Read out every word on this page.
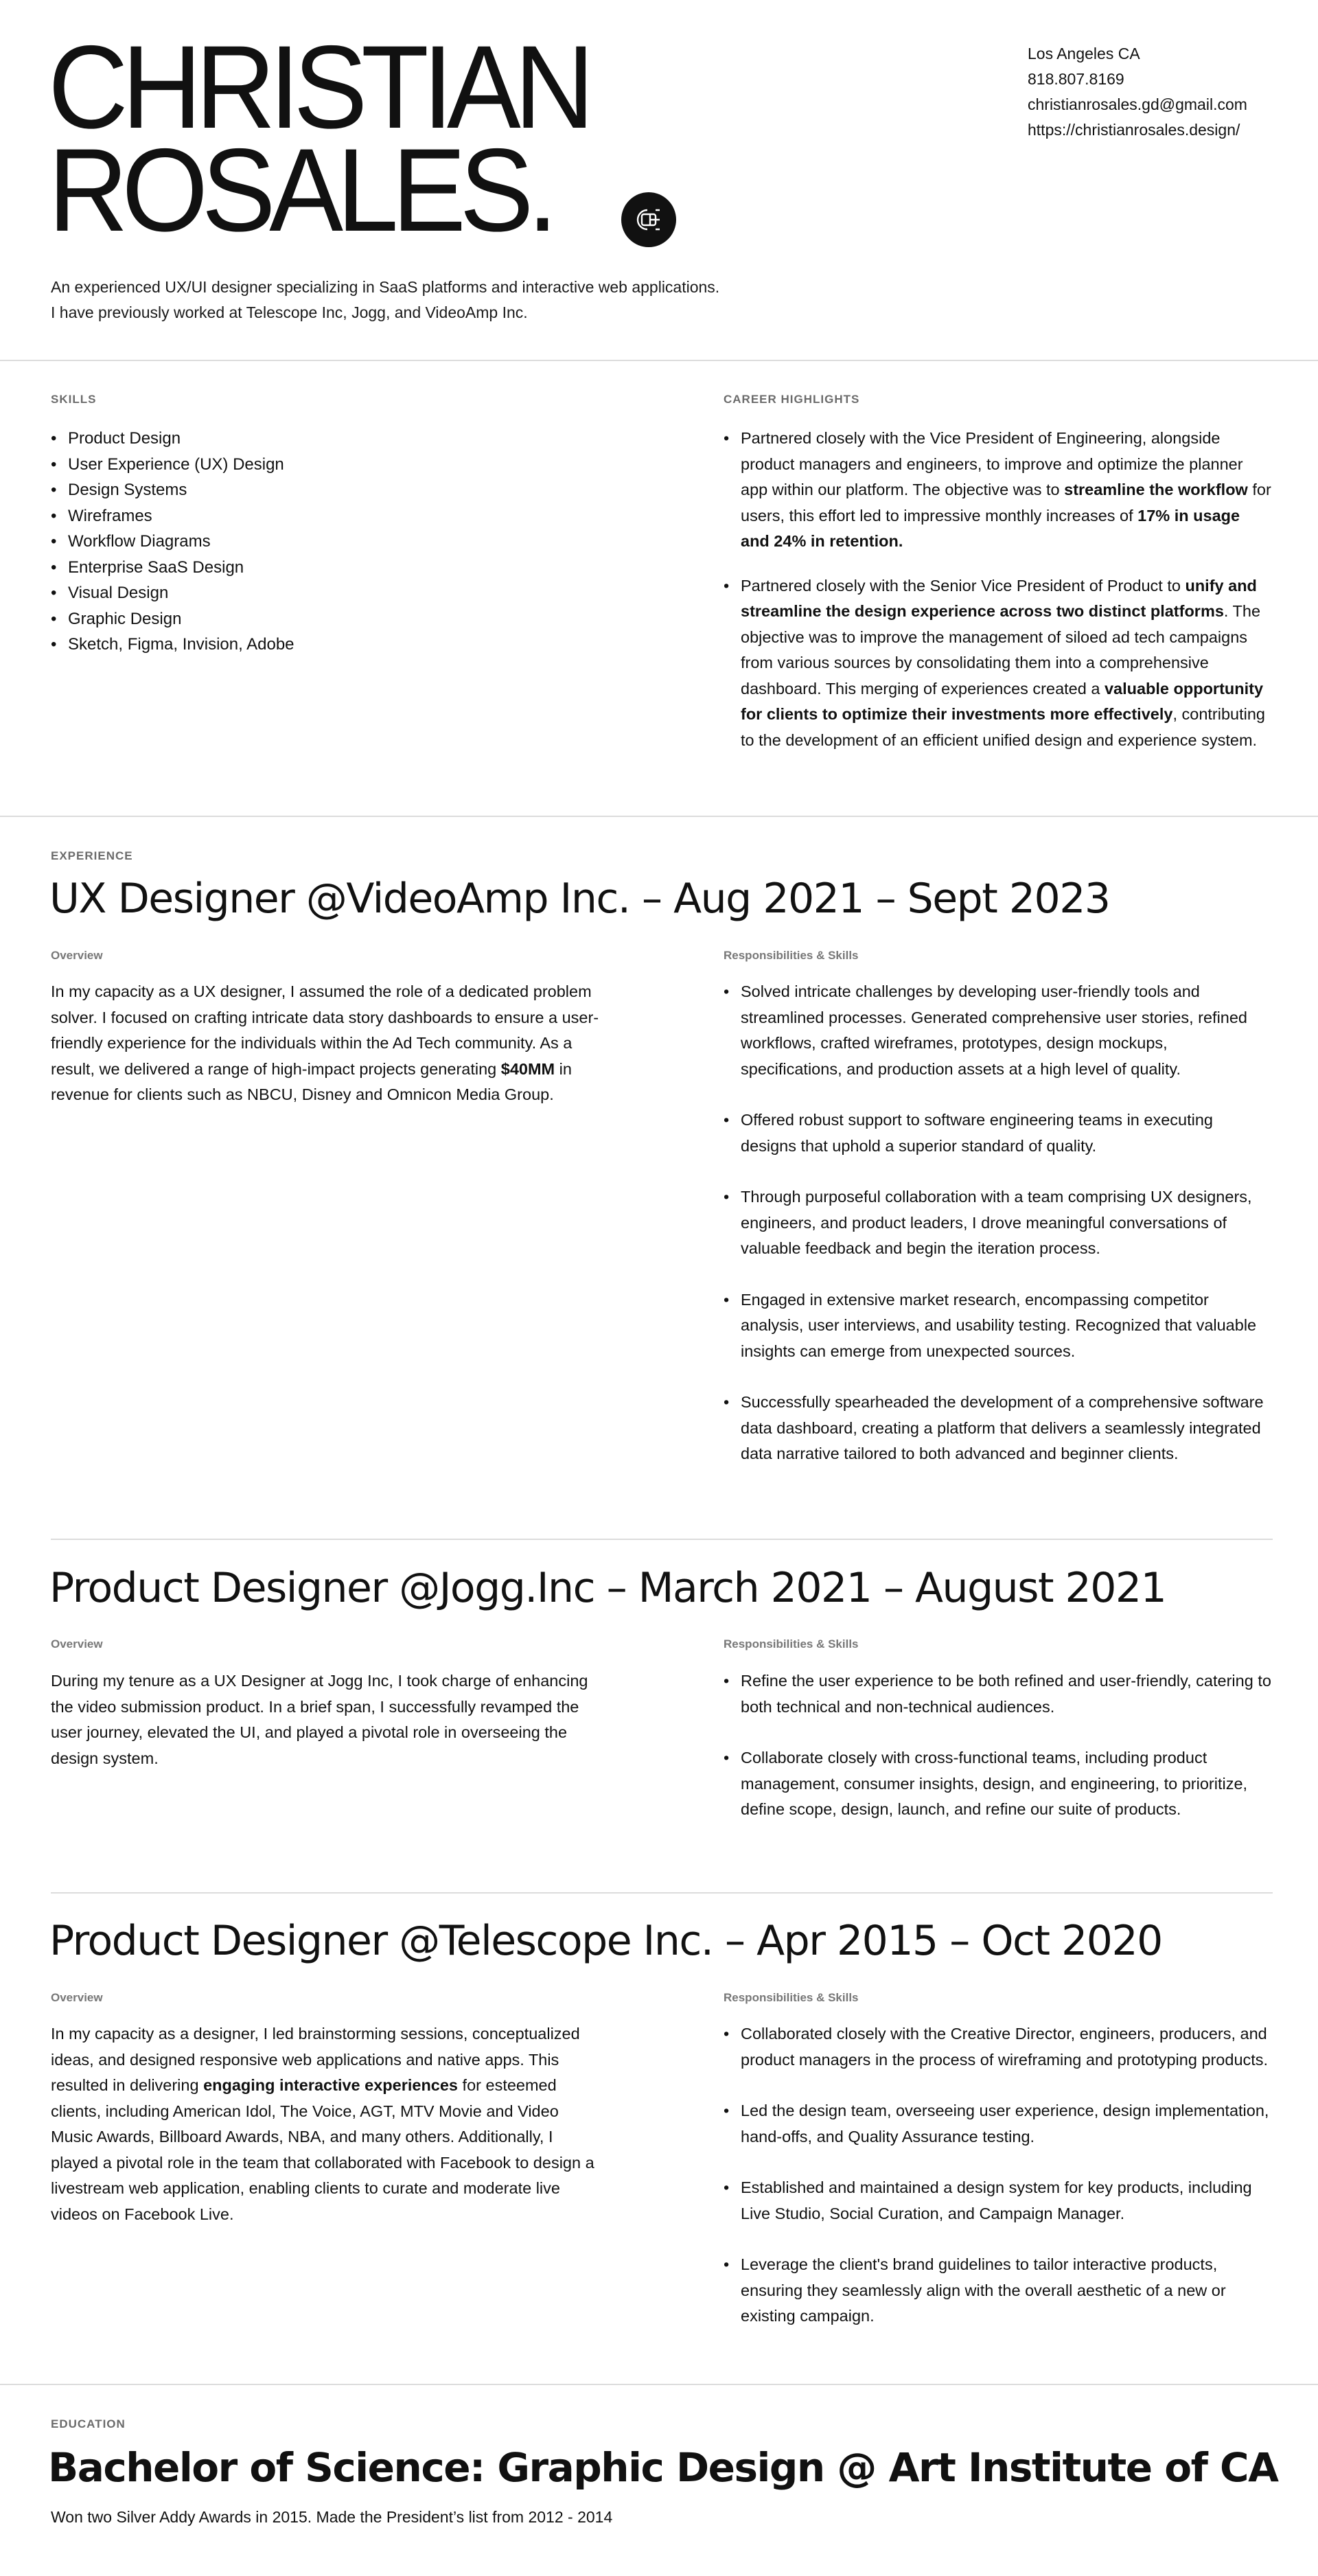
CHRISTIAN
ROSALES.

An experienced UX/UI designer specializing in SaaS platforms and interactive web applications. I have previously worked at Telescope Inc, Jogg, and VideoAmp Inc.

Los Angeles CA
818.807.8169
christianrosales.gd@gmail.com
https://christianrosales.design/
SKILLS
• Product Design
• User Experience (UX) Design
• Design Systems
• Wireframes
• Workflow Diagrams
• Enterprise SaaS Design
• Visual Design
• Graphic Design
• Sketch, Figma, Invision, Adobe
CAREER HIGHLIGHTS
• Partnered closely with the Vice President of Engineering, alongside product managers and engineers, to improve and optimize the planner app within our platform. The objective was to streamline the workflow for users, this effort led to impressive monthly increases of 17% in usage and 24% in retention.
• Partnered closely with the Senior Vice President of Product to unify and streamline the design experience across two distinct platforms. The objective was to improve the management of siloed ad tech campaigns from various sources by consolidating them into a comprehensive dashboard. This merging of experiences created a valuable opportunity for clients to optimize their investments more effectively, contributing to the development of an efficient unified design and experience system.
EXPERIENCE
UX Designer @VideoAmp Inc. – Aug 2021 – Sept 2023
Overview	Responsibilities & Skills

In my capacity as a UX designer, I assumed the role of a dedicated problem solver. I focused on crafting intricate data story dashboards to ensure a user-friendly experience for the individuals within the Ad Tech community. As a result, we delivered a range of high-impact projects generating $40MM in revenue for clients such as NBCU, Disney and Omnicon Media Group.

• Solved intricate challenges by developing user-friendly tools and streamlined processes. Generated comprehensive user stories, refined workflows, crafted wireframes, prototypes, design mockups, specifications, and production assets at a high level of quality.
• Offered robust support to software engineering teams in executing designs that uphold a superior standard of quality.
• Through purposeful collaboration with a team comprising UX designers, engineers, and product leaders, I drove meaningful conversations of valuable feedback and begin the iteration process.
• Engaged in extensive market research, encompassing competitor analysis, user interviews, and usability testing. Recognized that valuable insights can emerge from unexpected sources.
• Successfully spearheaded the development of a comprehensive software data dashboard, creating a platform that delivers a seamlessly integrated data narrative tailored to both advanced and beginner clients.
Product Designer @Jogg.Inc – March 2021 – August 2021
Overview	Responsibilities & Skills

During my tenure as a UX Designer at Jogg Inc, I took charge of enhancing the video submission product. In a brief span, I successfully revamped the user journey, elevated the UI, and played a pivotal role in overseeing the design system.

• Refine the user experience to be both refined and user-friendly, catering to both technical and non-technical audiences.
• Collaborate closely with cross-functional teams, including product management, consumer insights, design, and engineering, to prioritize, define scope, design, launch, and refine our suite of products.
Product Designer @Telescope Inc. – Apr 2015 – Oct 2020
Overview	Responsibilities & Skills

In my capacity as a designer, I led brainstorming sessions, conceptualized ideas, and designed responsive web applications and native apps. This resulted in delivering engaging interactive experiences for esteemed clients, including American Idol, The Voice, AGT, MTV Movie and Video Music Awards, Billboard Awards, NBA, and many others. Additionally, I played a pivotal role in the team that collaborated with Facebook to design a livestream web application, enabling clients to curate and moderate live videos on Facebook Live.

• Collaborated closely with the Creative Director, engineers, producers, and product managers in the process of wireframing and prototyping products.
• Led the design team, overseeing user experience, design implementation, hand-offs, and Quality Assurance testing.
• Established and maintained a design system for key products, including Live Studio, Social Curation, and Campaign Manager.
• Leverage the client's brand guidelines to tailor interactive products, ensuring they seamlessly align with the overall aesthetic of a new or existing campaign.
EDUCATION
Bachelor of Science: Graphic Design @ Art Institute of CA

Won two Silver Addy Awards in 2015. Made the President’s list from 2012 - 2014
